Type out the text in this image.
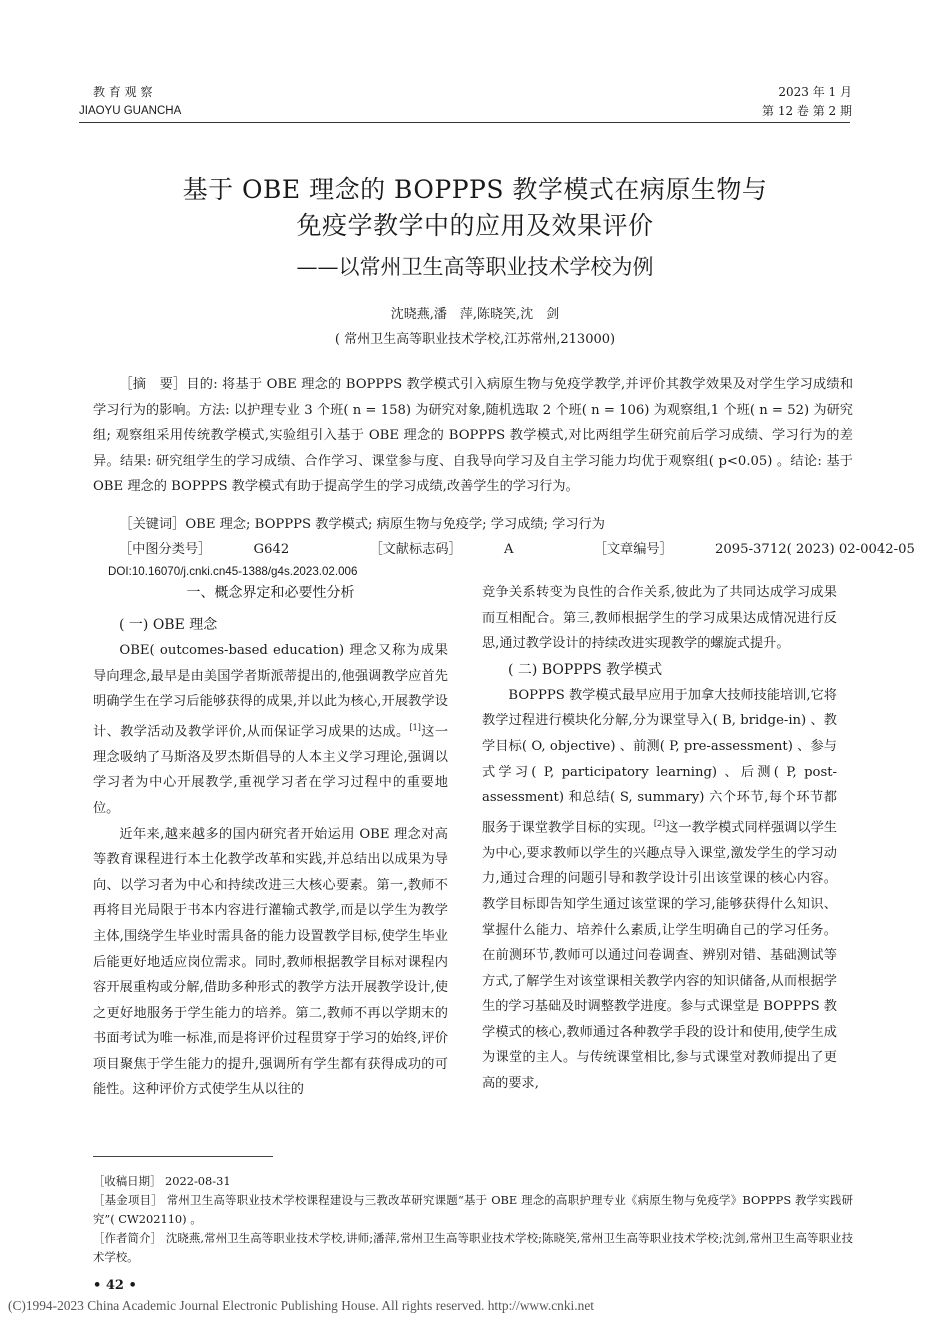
教 育 观 察
JIAOYU GUANCHA
2023 年 1 月
第 12 卷 第 2 期
基于 OBE 理念的 BOPPPS 教学模式在病原生物与
免疫学教学中的应用及效果评价
——以常州卫生高等职业技术学校为例
沈晓燕,潘　萍,陈晓笑,沈　剑
( 常州卫生高等职业技术学校,江苏常州,213000)

［摘　要］目的: 将基于 OBE 理念的 BOPPPS 教学模式引入病原生物与免疫学教学,并评价其教学效果及对学生学习成绩和学习行为的影响。方法: 以护理专业 3 个班( n = 158) 为研究对象,随机选取 2 个班( n = 106) 为观察组,1 个班( n = 52) 为研究组; 观察组采用传统教学模式,实验组引入基于 OBE 理念的 BOPPPS 教学模式,对比两组学生研究前后学习成绩、学习行为的差异。结果: 研究组学生的学习成绩、合作学习、课堂参与度、自我导向学习及自主学习能力均优于观察组( p<0.05) 。结论: 基于 OBE 理念的 BOPPPS 教学模式有助于提高学生的学习成绩,改善学生的学习行为。

［关键词］OBE 理念; BOPPPS 教学模式; 病原生物与免疫学; 学习成绩; 学习行为

［中图分类号］	G642	［文献标志码］	A	［文章编号］	2095-3712( 2023) 02-0042-05
DOI:10.16070/j.cnki.cn45-1388/g4s.2023.02.006

一、概念界定和必要性分析

( 一) OBE 理念

OBE( outcomes-based education) 理念又称为成果导向理念,最早是由美国学者斯派蒂提出的,他强调教学应首先明确学生在学习后能够获得的成果,并以此为核心,开展教学设计、教学活动及教学评价,从而保证学习成果的达成。[1]这一理念吸纳了马斯洛及罗杰斯倡导的人本主义学习理论,强调以学习者为中心开展教学,重视学习者在学习过程中的重要地位。

近年来,越来越多的国内研究者开始运用 OBE 理念对高等教育课程进行本土化教学改革和实践,并总结出以成果为导向、以学习者为中心和持续改进三大核心要素。第一,教师不再将目光局限于书本内容进行灌输式教学,而是以学生为教学主体,围绕学生毕业时需具备的能力设置教学目标,使学生毕业后能更好地适应岗位需求。同时,教师根据教学目标对课程内容开展重构或分解,借助多种形式的教学方法开展教学设计,使之更好地服务于学生能力的培养。第二,教师不再以学期末的书面考试为唯一标准,而是将评价过程贯穿于学习的始终,评价项目聚焦于学生能力的提升,强调所有学生都有获得成功的可能性。这种评价方式使学生从以往的

竞争关系转变为良性的合作关系,彼此为了共同达成学习成果而互相配合。第三,教师根据学生的学习成果达成情况进行反思,通过教学设计的持续改进实现教学的螺旋式提升。

( 二) BOPPPS 教学模式

BOPPPS 教学模式最早应用于加拿大技师技能培训,它将教学过程进行模块化分解,分为课堂导入( B, bridge-in) 、教学目标( O, objective) 、前测( P, pre-assessment) 、参与式学习( P, participatory learning) 、后测( P, post-assessment) 和总结( S, summary) 六个环节,每个环节都服务于课堂教学目标的实现。[2]这一教学模式同样强调以学生为中心,要求教师以学生的兴趣点导入课堂,激发学生的学习动力,通过合理的问题引导和教学设计引出该堂课的核心内容。教学目标即告知学生通过该堂课的学习,能够获得什么知识、掌握什么能力、培养什么素质,让学生明确自己的学习任务。在前测环节,教师可以通过问卷调查、辨别对错、基础测试等方式,了解学生对该堂课相关教学内容的知识储备,从而根据学生的学习基础及时调整教学进度。参与式课堂是 BOPPPS 教学模式的核心,教师通过各种教学手段的设计和使用,使学生成为课堂的主人。与传统课堂相比,参与式课堂对教师提出了更高的要求,

［收稿日期］ 2022-08-31

［基金项目］ 常州卫生高等职业技术学校课程建设与三教改革研究课题“基于 OBE 理念的高职护理专业《病原生物与免疫学》BOPPPS 教学实践研究”( CW202110) 。

［作者简介］ 沈晓燕,常州卫生高等职业技术学校,讲师;潘萍,常州卫生高等职业技术学校;陈晓笑,常州卫生高等职业技术学校;沈剑,常州卫生高等职业技术学校。

• 42 •
(C)1994-2023 China Academic Journal Electronic Publishing House. All rights reserved. http://www.cnki.net
